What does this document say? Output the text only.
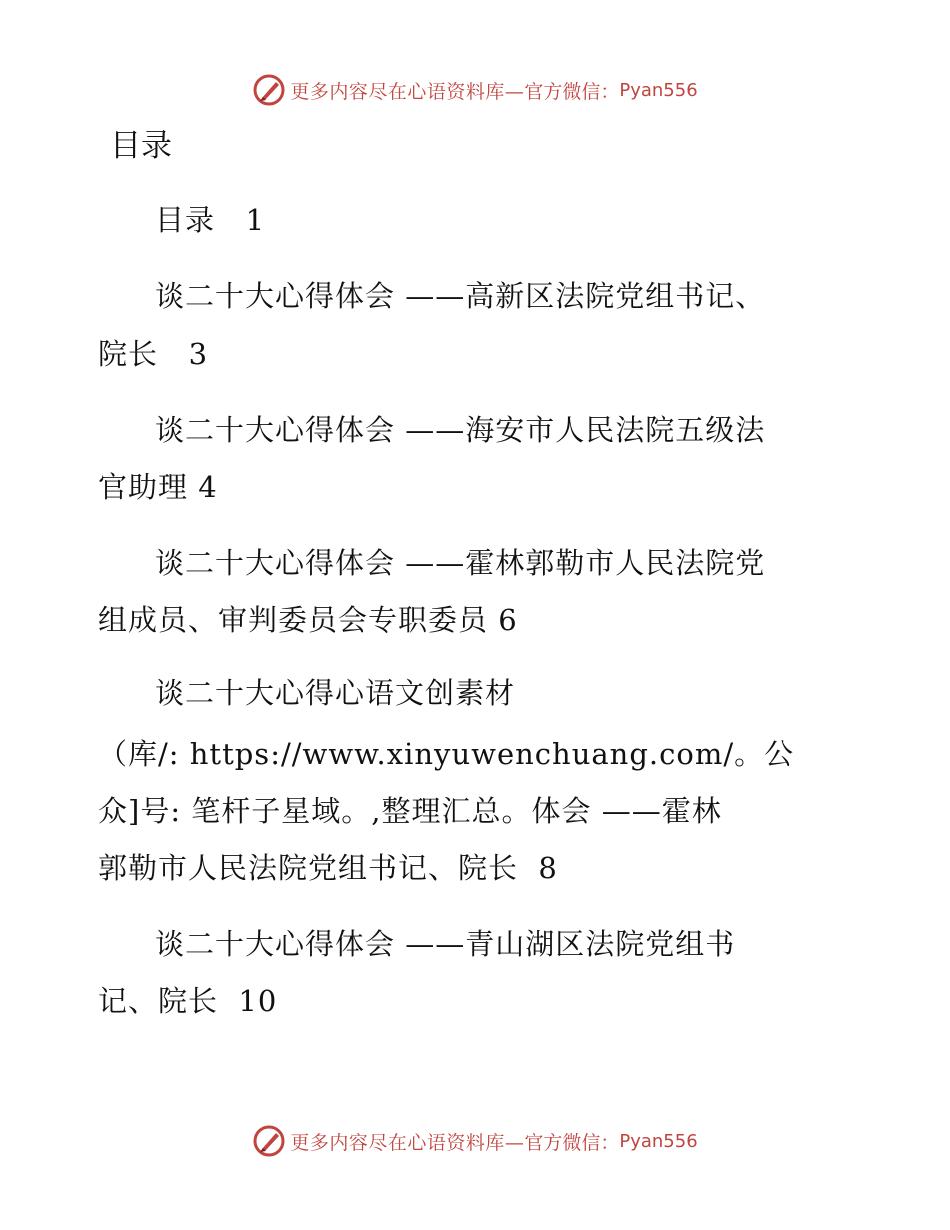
更多内容尽在心语资料库— 官方微信： Pyan556
目录
目录   1
谈二十大心得体会 ——高新区法院党组书记、
院长   3
谈二十大心得体会 ——海安市人民法院五级法
官助理 4
谈二十大心得体会 ——霍林郭勒市人民法院党
组成员、审判委员会专职委员 6
谈二十大心得心语文创素材
（库/: https://www.xinyuwenchuang.com/。公
众]号: 笔杆子星域。,整理汇总。体会 ——霍林
郭勒市人民法院党组书记、院长  8
谈二十大心得体会 ——青山湖区法院党组书
记、院长  10
更多内容尽在心语资料库— 官方微信： Pyan556
